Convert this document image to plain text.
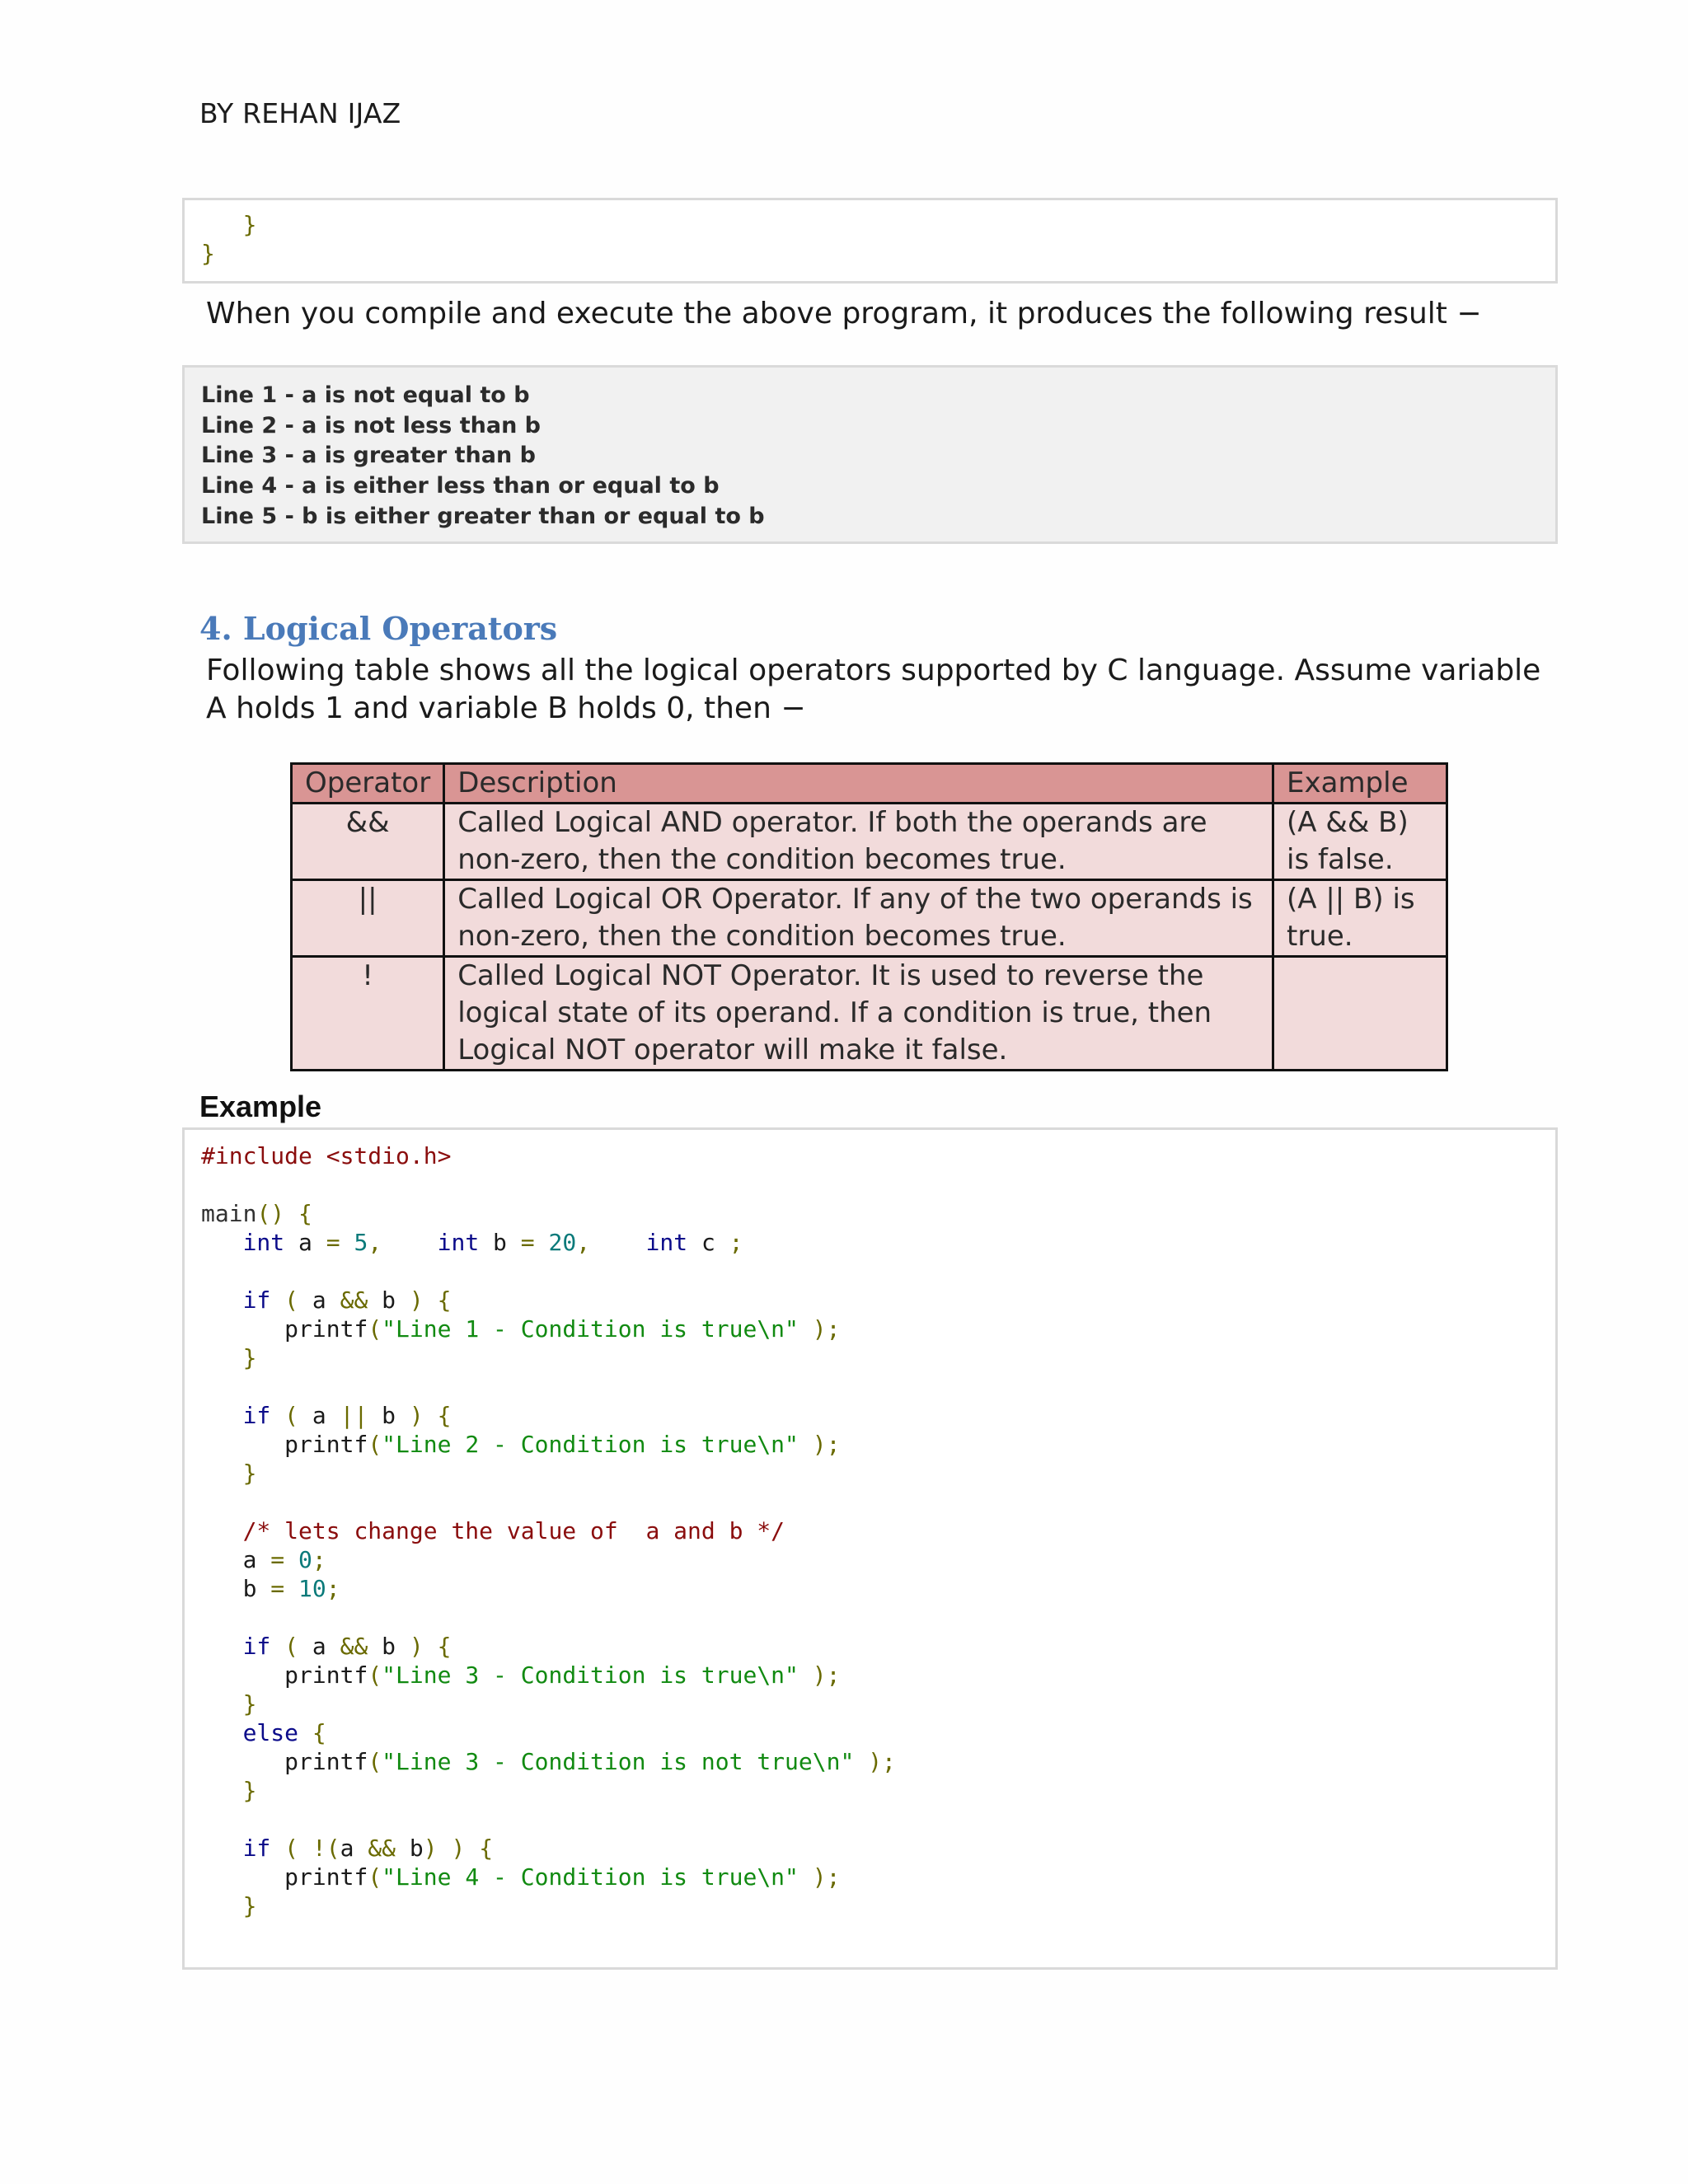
BY REHAN IJAZ
}
}
When you compile and execute the above program, it produces the following result −
Line 1 - a is not equal to b
Line 2 - a is not less than b
Line 3 - a is greater than b
Line 4 - a is either less than or equal to b
Line 5 - b is either greater than or equal to b
4. Logical Operators
Following table shows all the logical operators supported by C language. Assume variable A holds 1 and variable B holds 0, then −
Operator	Description	Example
&&	Called Logical AND operator. If both the operands are non-zero, then the condition becomes true.	(A && B) is false.
||	Called Logical OR Operator. If any of the two operands is non-zero, then the condition becomes true.	(A || B) is true.
!	Called Logical NOT Operator. It is used to reverse the logical state of its operand. If a condition is true, then Logical NOT operator will make it false.	
Example
#include <stdio.h>

main() {
int a = 5, int b = 20, int c ;

if ( a && b ) {
printf("Line 1 - Condition is true\n" );
}

if ( a || b ) {
printf("Line 2 - Condition is true\n" );
}

/* lets change the value of  a and b */
a = 0;
b = 10;

if ( a && b ) {
printf("Line 3 - Condition is true\n" );
}
else {
printf("Line 3 - Condition is not true\n" );
}

if ( !(a && b) ) {
printf("Line 4 - Condition is true\n" );
}
